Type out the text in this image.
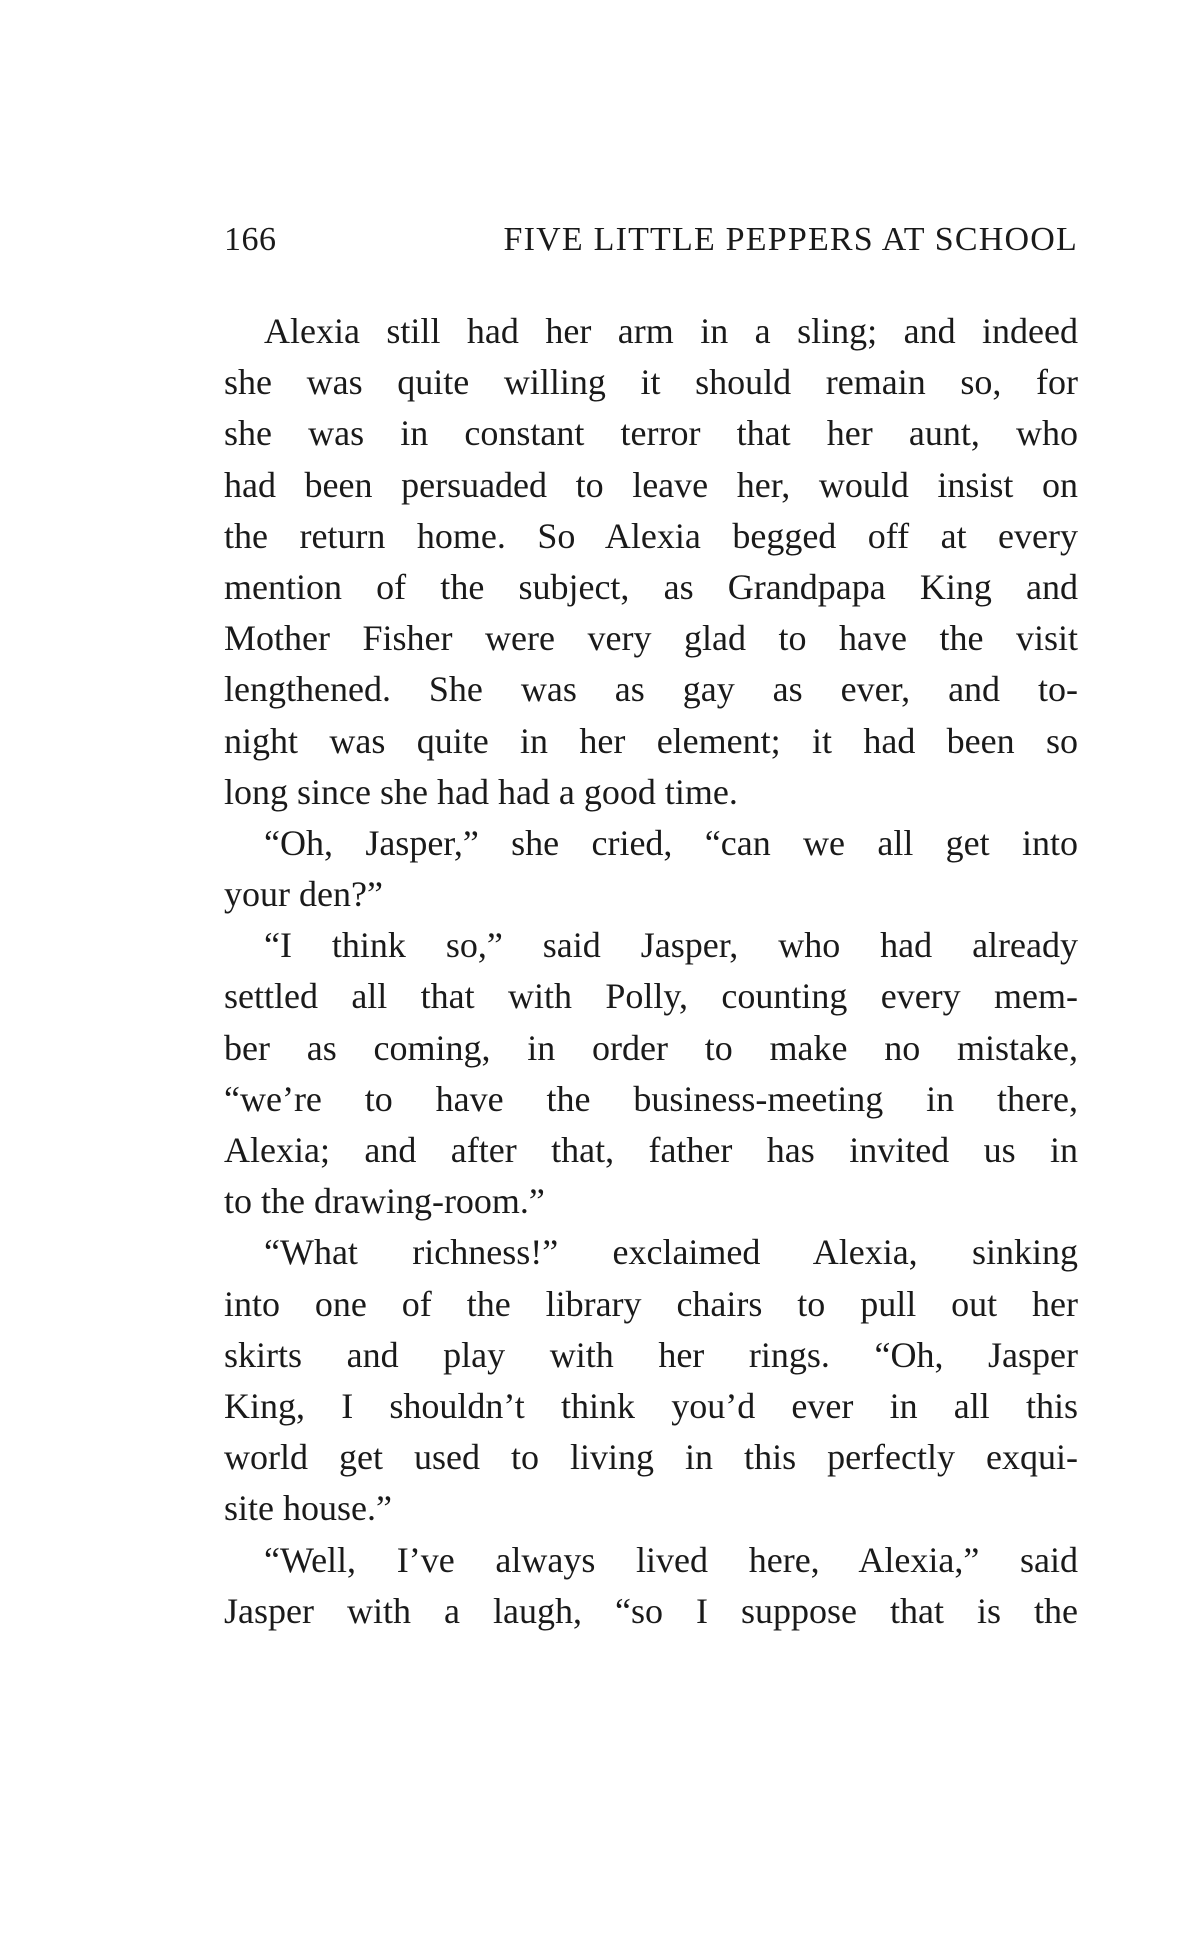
166	FIVE LITTLE PEPPERS AT SCHOOL
Alexia still had her arm in a sling; and indeed
she was quite willing it should remain so, for
she was in constant terror that her aunt, who
had been persuaded to leave her, would insist on
the return home. So Alexia begged off at every
mention of the subject, as Grandpapa King and
Mother Fisher were very glad to have the visit
lengthened. She was as gay as ever, and to-
night was quite in her element; it had been so
long since she had had a good time.
“Oh, Jasper,” she cried, “can we all get into
your den?”
“I think so,” said Jasper, who had already
settled all that with Polly, counting every mem-
ber as coming, in order to make no mistake,
“we’re to have the business-meeting in there,
Alexia; and after that, father has invited us in
to the drawing-room.”
“What richness!” exclaimed Alexia, sinking
into one of the library chairs to pull out her
skirts and play with her rings. “Oh, Jasper
King, I shouldn’t think you’d ever in all this
world get used to living in this perfectly exqui-
site house.”
“Well, I’ve always lived here, Alexia,” said
Jasper with a laugh, “so I suppose that is the
